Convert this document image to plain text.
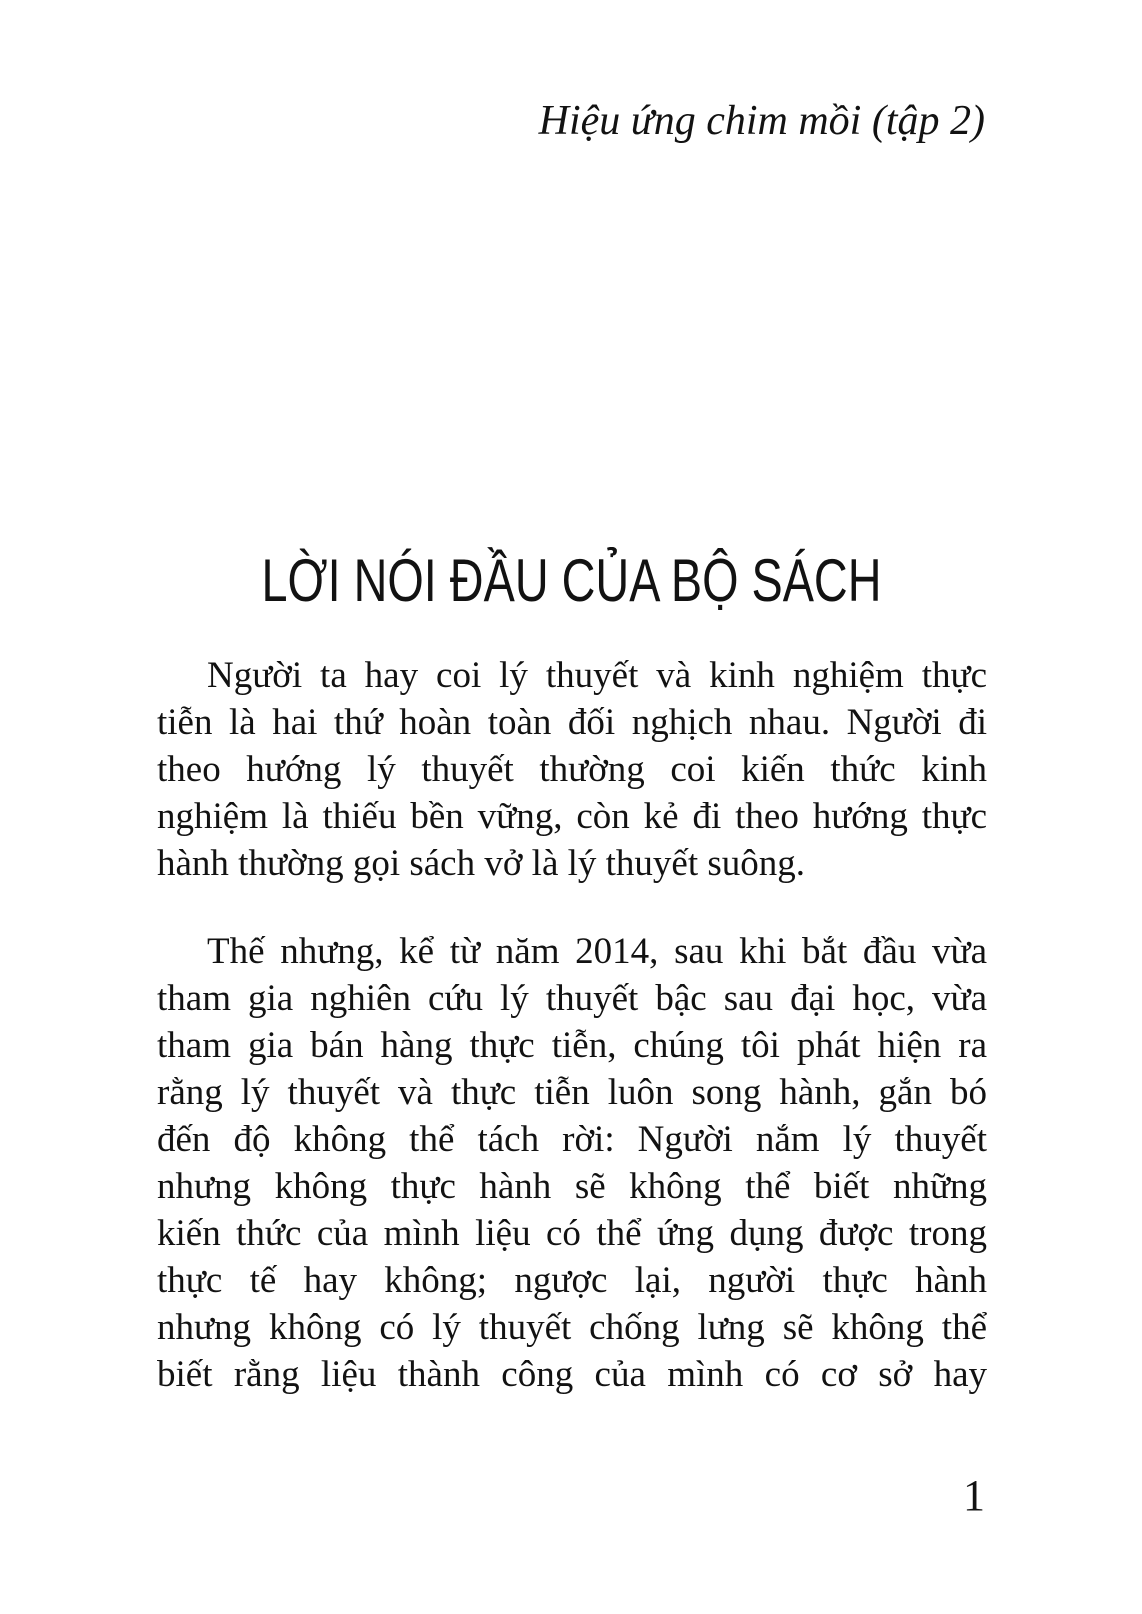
Hiệu ứng chim mồi (tập 2)
LỜI NÓI ĐẦU CỦA BỘ SÁCH
Người ta hay coi lý thuyết và kinh nghiệm thực
tiễn là hai thứ hoàn toàn đối nghịch nhau. Người đi
theo hướng lý thuyết thường coi kiến thức kinh
nghiệm là thiếu bền vững, còn kẻ đi theo hướng thực
hành thường gọi sách vở là lý thuyết suông.
Thế nhưng, kể từ năm 2014, sau khi bắt đầu vừa
tham gia nghiên cứu lý thuyết bậc sau đại học, vừa
tham gia bán hàng thực tiễn, chúng tôi phát hiện ra
rằng lý thuyết và thực tiễn luôn song hành, gắn bó
đến độ không thể tách rời: Người nắm lý thuyết
nhưng không thực hành sẽ không thể biết những
kiến thức của mình liệu có thể ứng dụng được trong
thực tế hay không; ngược lại, người thực hành
nhưng không có lý thuyết chống lưng sẽ không thể
biết rằng liệu thành công của mình có cơ sở hay
1
